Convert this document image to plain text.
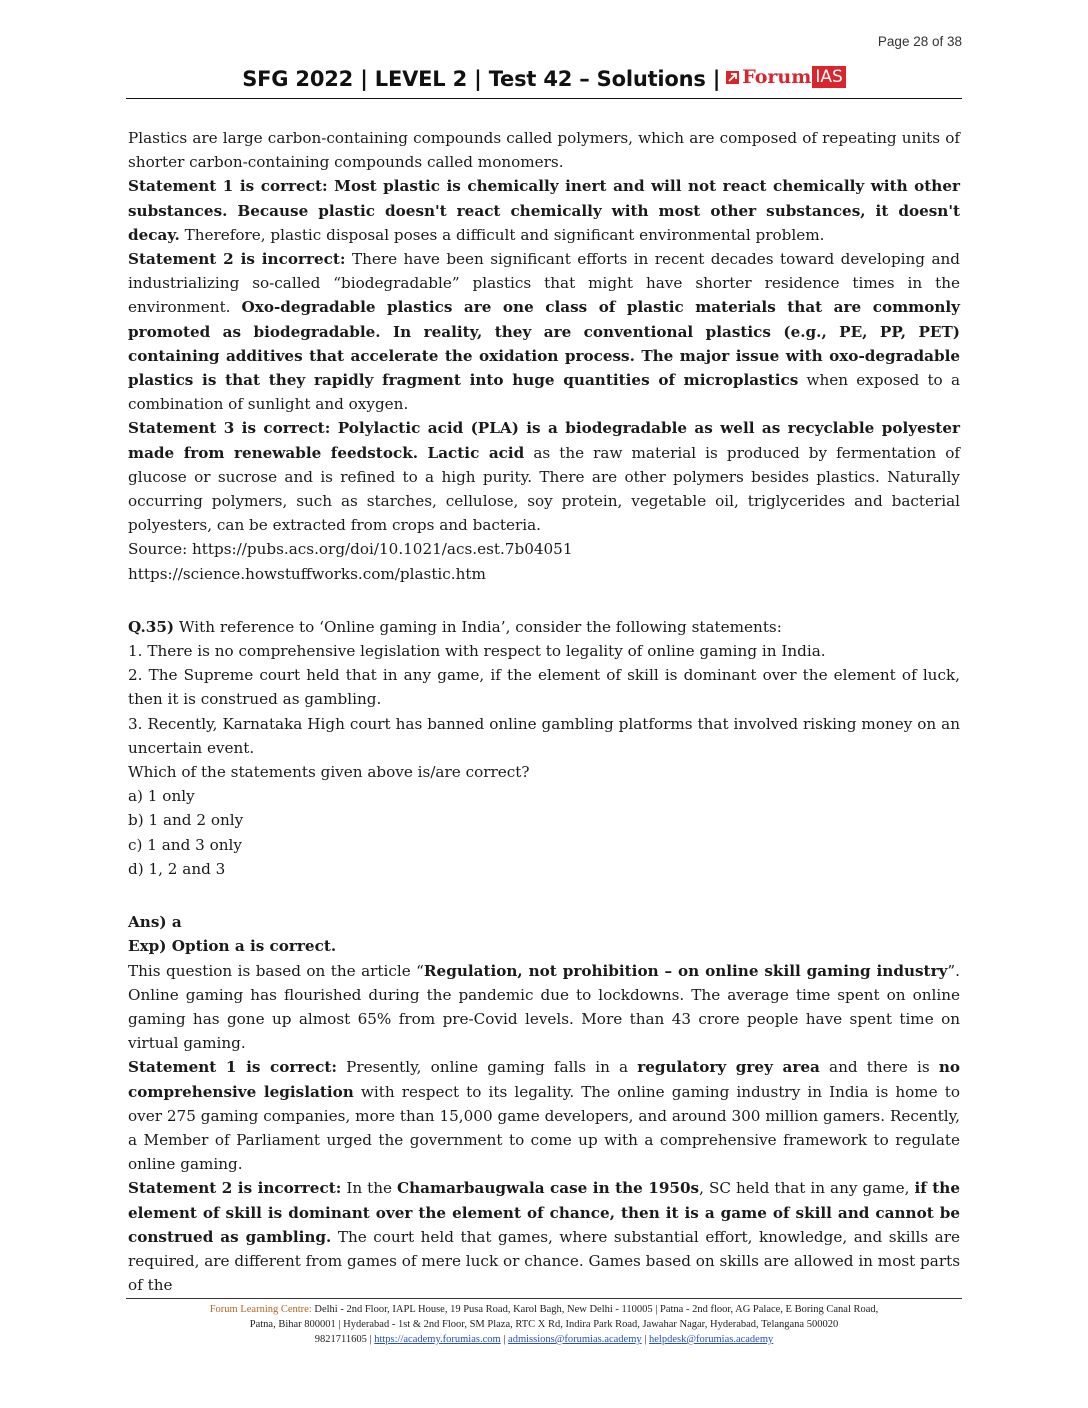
Page 28 of 38

SFG 2022 | LEVEL 2 | Test 42 – Solutions | Forum IAS

Plastics are large carbon-containing compounds called polymers, which are composed of repeating units of shorter carbon-containing compounds called monomers.

Statement 1 is correct: Most plastic is chemically inert and will not react chemically with other substances. Because plastic doesn't react chemically with most other substances, it doesn't decay. Therefore, plastic disposal poses a difficult and significant environmental problem.

Statement 2 is incorrect: There have been significant efforts in recent decades toward developing and industrializing so-called “biodegradable” plastics that might have shorter residence times in the environment. Oxo-degradable plastics are one class of plastic materials that are commonly promoted as biodegradable. In reality, they are conventional plastics (e.g., PE, PP, PET) containing additives that accelerate the oxidation process. The major issue with oxo-degradable plastics is that they rapidly fragment into huge quantities of microplastics when exposed to a combination of sunlight and oxygen.

Statement 3 is correct: Polylactic acid (PLA) is a biodegradable as well as recyclable polyester made from renewable feedstock. Lactic acid as the raw material is produced by fermentation of glucose or sucrose and is refined to a high purity. There are other polymers besides plastics. Naturally occurring polymers, such as starches, cellulose, soy protein, vegetable oil, triglycerides and bacterial polyesters, can be extracted from crops and bacteria.

Source: https://pubs.acs.org/doi/10.1021/acs.est.7b04051

https://science.howstuffworks.com/plastic.htm

Q.35) With reference to ‘Online gaming in India’, consider the following statements:

1. There is no comprehensive legislation with respect to legality of online gaming in India.

2. The Supreme court held that in any game, if the element of skill is dominant over the element of luck, then it is construed as gambling.

3. Recently, Karnataka High court has banned online gambling platforms that involved risking money on an uncertain event.

Which of the statements given above is/are correct?

a) 1 only

b) 1 and 2 only

c) 1 and 3 only

d) 1, 2 and 3

Ans) a

Exp) Option a is correct.

This question is based on the article “Regulation, not prohibition – on online skill gaming industry”. Online gaming has flourished during the pandemic due to lockdowns. The average time spent on online gaming has gone up almost 65% from pre-Covid levels. More than 43 crore people have spent time on virtual gaming.

Statement 1 is correct: Presently, online gaming falls in a regulatory grey area and there is no comprehensive legislation with respect to its legality. The online gaming industry in India is home to over 275 gaming companies, more than 15,000 game developers, and around 300 million gamers. Recently, a Member of Parliament urged the government to come up with a comprehensive framework to regulate online gaming.

Statement 2 is incorrect: In the Chamarbaugwala case in the 1950s, SC held that in any game, if the element of skill is dominant over the element of chance, then it is a game of skill and cannot be construed as gambling. The court held that games, where substantial effort, knowledge, and skills are required, are different from games of mere luck or chance. Games based on skills are allowed in most parts of the

Forum Learning Centre: Delhi - 2nd Floor, IAPL House, 19 Pusa Road, Karol Bagh, New Delhi - 110005 | Patna - 2nd floor, AG Palace, E Boring Canal Road,
Patna, Bihar 800001 | Hyderabad - 1st & 2nd Floor, SM Plaza, RTC X Rd, Indira Park Road, Jawahar Nagar, Hyderabad, Telangana 500020
9821711605 | https://academy.forumias.com | admissions@forumias.academy | helpdesk@forumias.academy
